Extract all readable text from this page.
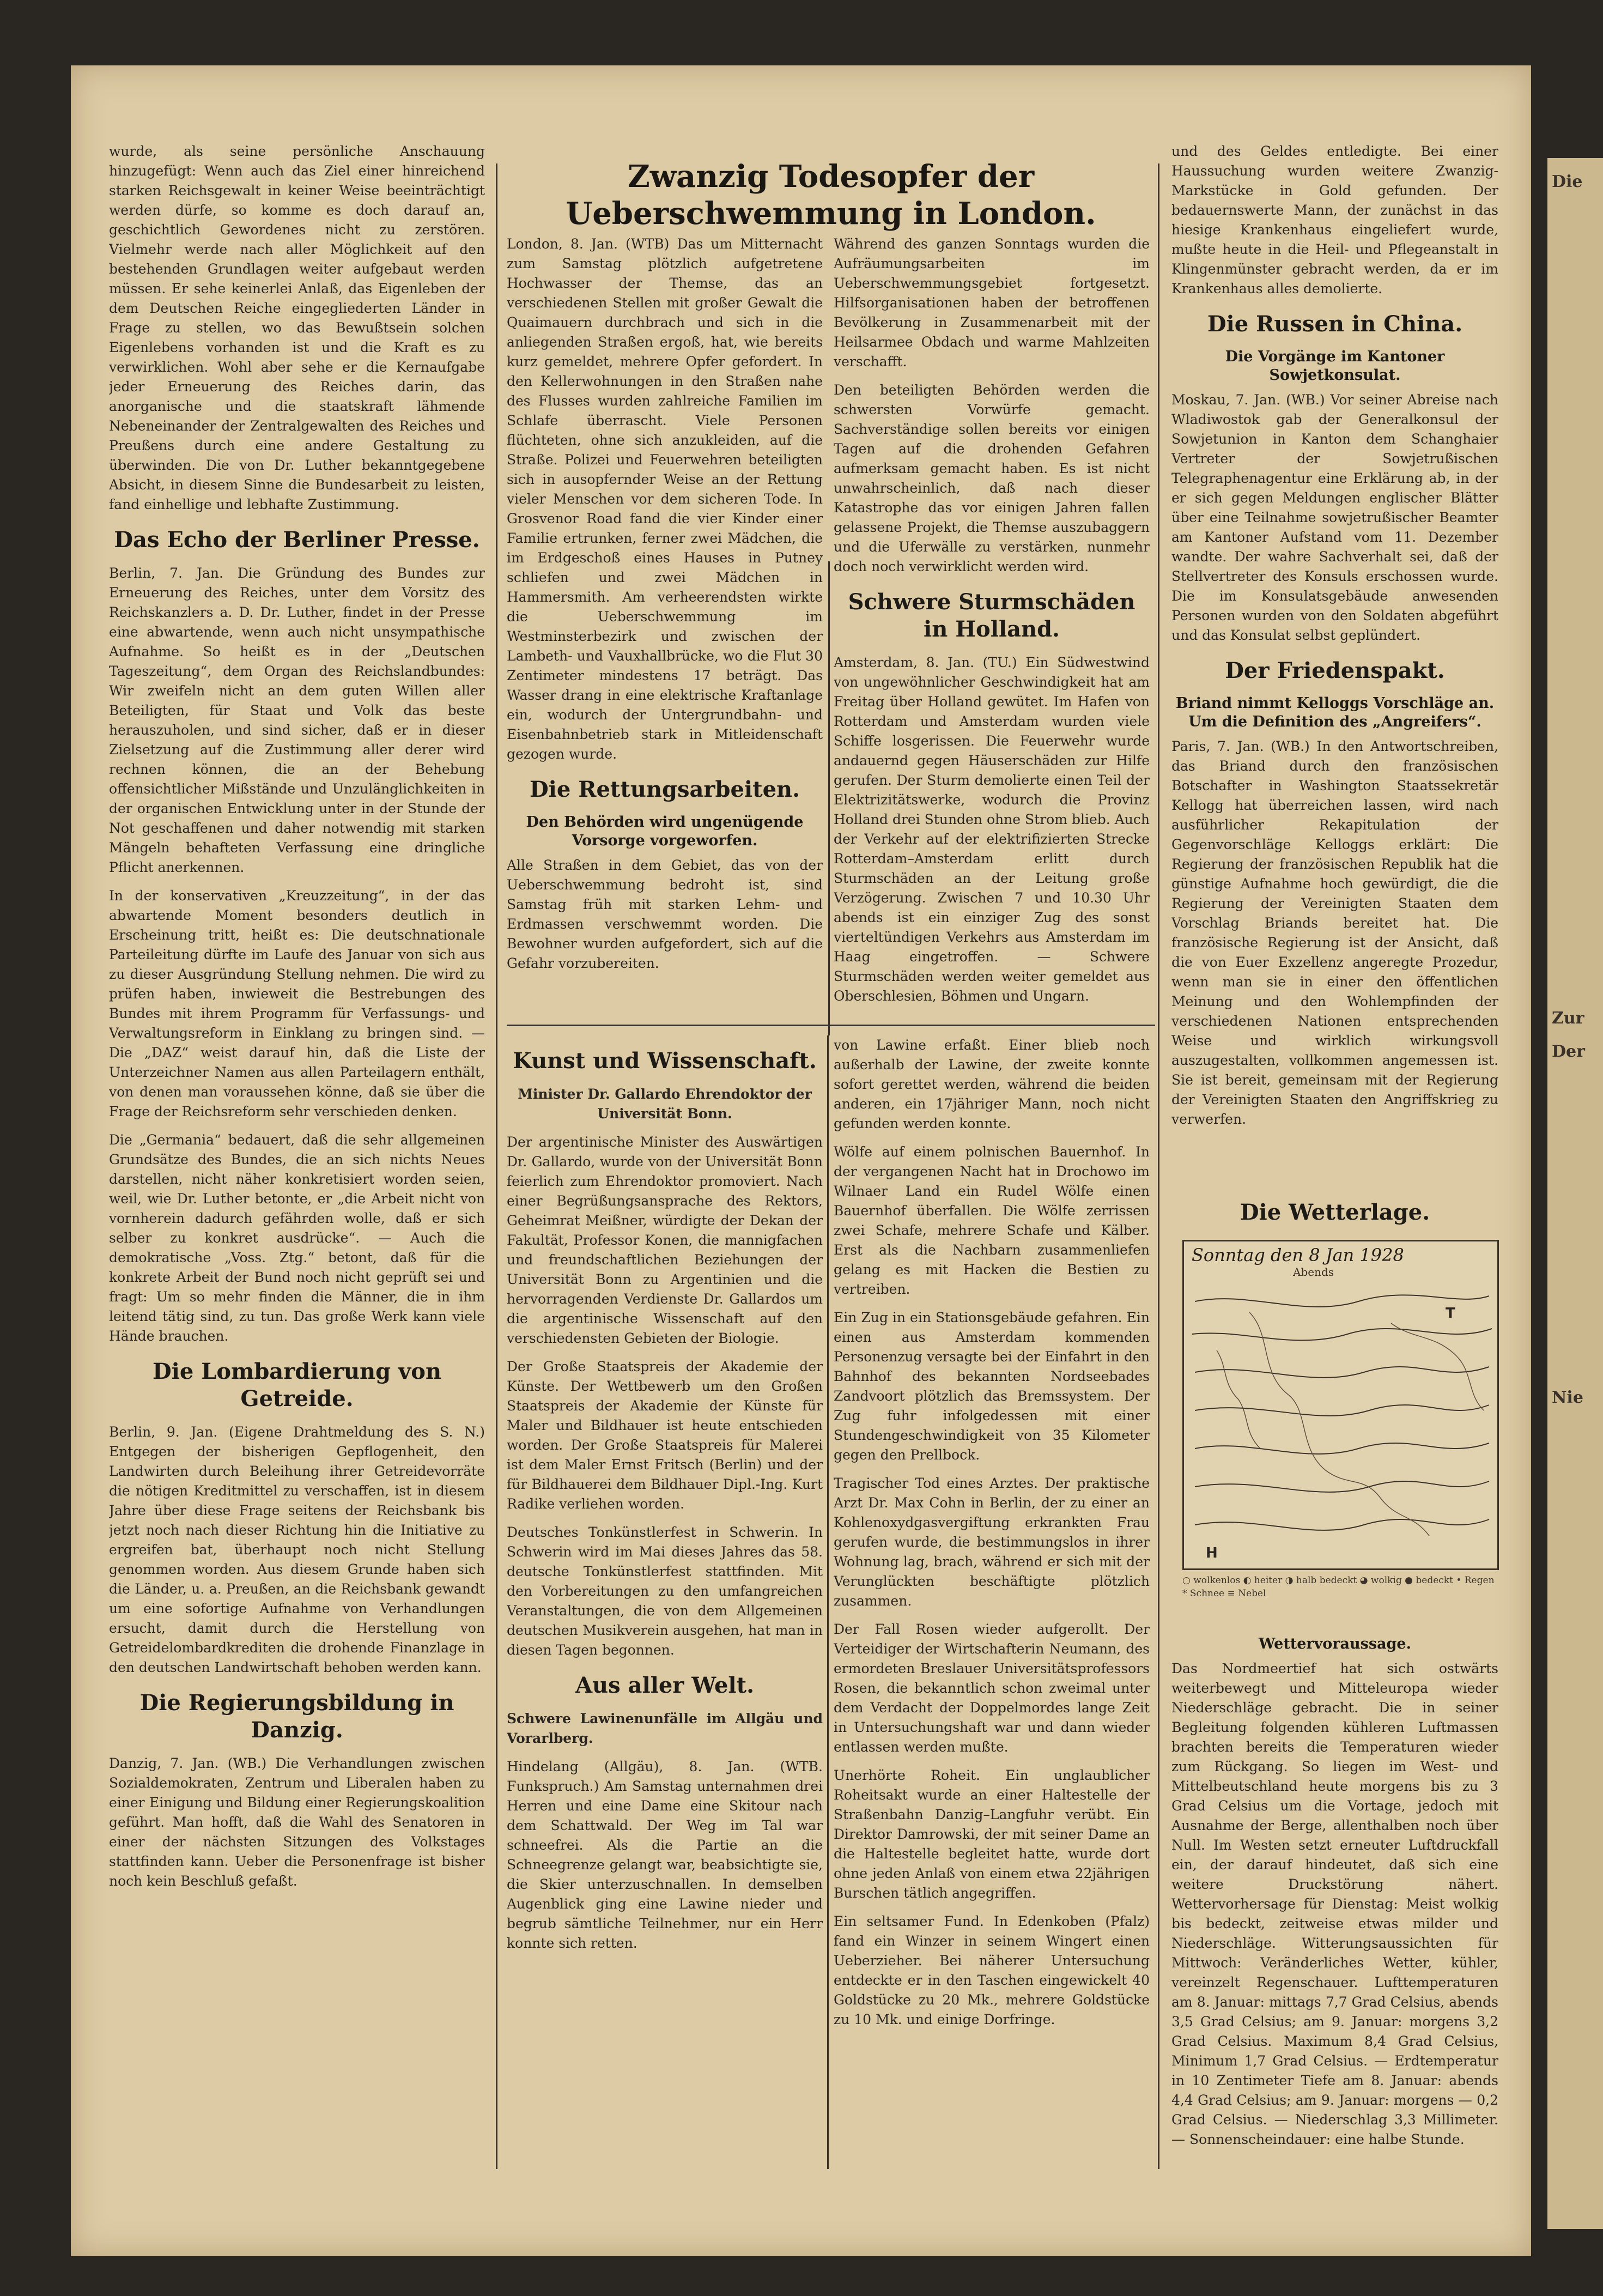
Die
Zur
Der
Nie

wurde, als seine persönliche Anschauung hinzugefügt: Wenn auch das Ziel einer hinreichend starken Reichsgewalt in keiner Weise beeinträchtigt werden dürfe, so komme es doch darauf an, geschichtlich Gewordenes nicht zu zerstören. Vielmehr werde nach aller Möglichkeit auf den bestehenden Grundlagen weiter aufgebaut werden müssen. Er sehe keinerlei Anlaß, das Eigenleben der dem Deutschen Reiche eingegliederten Länder in Frage zu stellen, wo das Bewußtsein solchen Eigenlebens vorhanden ist und die Kraft es zu verwirklichen. Wohl aber sehe er die Kernaufgabe jeder Erneuerung des Reiches darin, das anorganische und die staatskraft lähmende Nebeneinander der Zentralgewalten des Reiches und Preußens durch eine andere Gestaltung zu überwinden. Die von Dr. Luther bekanntgegebene Absicht, in diesem Sinne die Bundesarbeit zu leisten, fand einhellige und lebhafte Zustimmung.

Das Echo der Berliner Presse.

Berlin, 7. Jan. Die Gründung des Bundes zur Erneuerung des Reiches, unter dem Vorsitz des Reichskanzlers a. D. Dr. Luther, findet in der Presse eine abwartende, wenn auch nicht unsympathische Aufnahme. So heißt es in der „Deutschen Tageszeitung“, dem Organ des Reichslandbundes: Wir zweifeln nicht an dem guten Willen aller Beteiligten, für Staat und Volk das beste herauszuholen, und sind sicher, daß er in dieser Zielsetzung auf die Zustimmung aller derer wird rechnen können, die an der Behebung offensichtlicher Mißstände und Unzulänglichkeiten in der organischen Entwicklung unter in der Stunde der Not geschaffenen und daher notwendig mit starken Mängeln behafteten Verfassung eine dringliche Pflicht anerkennen.

In der konservativen „Kreuzzeitung“, in der das abwartende Moment besonders deutlich in Erscheinung tritt, heißt es: Die deutschnationale Parteileitung dürfte im Laufe des Januar von sich aus zu dieser Ausgründung Stellung nehmen. Die wird zu prüfen haben, inwieweit die Bestrebungen des Bundes mit ihrem Programm für Verfassungs- und Verwaltungsreform in Einklang zu bringen sind. — Die „DAZ“ weist darauf hin, daß die Liste der Unterzeichner Namen aus allen Parteilagern enthält, von denen man voraussehen könne, daß sie über die Frage der Reichsreform sehr verschieden denken.

Die „Germania“ bedauert, daß die sehr allgemeinen Grundsätze des Bundes, die an sich nichts Neues darstellen, nicht näher konkretisiert worden seien, weil, wie Dr. Luther betonte, er „die Arbeit nicht von vornherein dadurch gefährden wolle, daß er sich selber zu konkret ausdrücke“. — Auch die demokratische „Voss. Ztg.“ betont, daß für die konkrete Arbeit der Bund noch nicht geprüft sei und fragt: Um so mehr finden die Männer, die in ihm leitend tätig sind, zu tun. Das große Werk kann viele Hände brauchen.

Die Lombardierung von Getreide.

Berlin, 9. Jan. (Eigene Drahtmeldung des S. N.) Entgegen der bisherigen Gepflogenheit, den Landwirten durch Beleihung ihrer Getreidevorräte die nötigen Kreditmittel zu verschaffen, ist in diesem Jahre über diese Frage seitens der Reichsbank bis jetzt noch nach dieser Richtung hin die Initiative zu ergreifen bat, überhaupt noch nicht Stellung genommen worden. Aus diesem Grunde haben sich die Länder, u. a. Preußen, an die Reichsbank gewandt um eine sofortige Aufnahme von Verhandlungen ersucht, damit durch die Herstellung von Getreidelombardkrediten die drohende Finanzlage in den deutschen Landwirtschaft behoben werden kann.

Die Regierungsbildung in Danzig.

Danzig, 7. Jan. (WB.) Die Verhandlungen zwischen Sozialdemokraten, Zentrum und Liberalen haben zu einer Einigung und Bildung einer Regierungskoalition geführt. Man hofft, daß die Wahl des Senatoren in einer der nächsten Sitzungen des Volkstages stattfinden kann. Ueber die Personenfrage ist bisher noch kein Beschluß gefaßt.

Zwanzig Todesopfer der Ueberschwemmung in London.

London, 8. Jan. (WTB) Das um Mitternacht zum Samstag plötzlich aufgetretene Hochwasser der Themse, das an verschiedenen Stellen mit großer Gewalt die Quaimauern durchbrach und sich in die anliegenden Straßen ergoß, hat, wie bereits kurz gemeldet, mehrere Opfer gefordert. In den Kellerwohnungen in den Straßen nahe des Flusses wurden zahlreiche Familien im Schlafe überrascht. Viele Personen flüchteten, ohne sich anzukleiden, auf die Straße. Polizei und Feuerwehren beteiligten sich in ausopfernder Weise an der Rettung vieler Menschen vor dem sicheren Tode. In Grosvenor Road fand die vier Kinder einer Familie ertrunken, ferner zwei Mädchen, die im Erdgeschoß eines Hauses in Putney schliefen und zwei Mädchen in Hammersmith. Am verheerendsten wirkte die Ueberschwemmung im Westminsterbezirk und zwischen der Lambeth- und Vauxhallbrücke, wo die Flut 30 Zentimeter mindestens 17 beträgt. Das Wasser drang in eine elektrische Kraftanlage ein, wodurch der Untergrundbahn- und Eisenbahnbetrieb stark in Mitleidenschaft gezogen wurde.

Die Rettungsarbeiten.
Den Behörden wird ungenügende Vorsorge vorgeworfen.

Alle Straßen in dem Gebiet, das von der Ueberschwemmung bedroht ist, sind Samstag früh mit starken Lehm- und Erdmassen verschwemmt worden. Die Bewohner wurden aufgefordert, sich auf die Gefahr vorzubereiten.

Während des ganzen Sonntags wurden die Aufräumungsarbeiten im Ueberschwemmungsgebiet fortgesetzt. Hilfsorganisationen haben der betroffenen Bevölkerung in Zusammenarbeit mit der Heilsarmee Obdach und warme Mahlzeiten verschafft.

Den beteiligten Behörden werden die schwersten Vorwürfe gemacht. Sachverständige sollen bereits vor einigen Tagen auf die drohenden Gefahren aufmerksam gemacht haben. Es ist nicht unwahrscheinlich, daß nach dieser Katastrophe das vor einigen Jahren fallen gelassene Projekt, die Themse auszubaggern und die Uferwälle zu verstärken, nunmehr doch noch verwirklicht werden wird.

Schwere Sturmschäden in Holland.

Amsterdam, 8. Jan. (TU.) Ein Südwestwind von ungewöhnlicher Geschwindigkeit hat am Freitag über Holland gewütet. Im Hafen von Rotterdam und Amsterdam wurden viele Schiffe losgerissen. Die Feuerwehr wurde andauernd gegen Häuserschäden zur Hilfe gerufen. Der Sturm demolierte einen Teil der Elektrizitätswerke, wodurch die Provinz Holland drei Stunden ohne Strom blieb. Auch der Verkehr auf der elektrifizierten Strecke Rotterdam–Amsterdam erlitt durch Sturmschäden an der Leitung große Verzögerung. Zwischen 7 und 10.30 Uhr abends ist ein einziger Zug des sonst vierteltündigen Verkehrs aus Amsterdam im Haag eingetroffen. — Schwere Sturmschäden werden weiter gemeldet aus Oberschlesien, Böhmen und Ungarn.

Kunst und Wissenschaft.

Minister Dr. Gallardo Ehrendoktor der Universität Bonn.

Der argentinische Minister des Auswärtigen Dr. Gallardo, wurde von der Universität Bonn feierlich zum Ehrendoktor promoviert. Nach einer Begrüßungsansprache des Rektors, Geheimrat Meißner, würdigte der Dekan der Fakultät, Professor Konen, die mannigfachen und freundschaftlichen Beziehungen der Universität Bonn zu Argentinien und die hervorragenden Verdienste Dr. Gallardos um die argentinische Wissenschaft auf den verschiedensten Gebieten der Biologie.

Der Große Staatspreis der Akademie der Künste. Der Wettbewerb um den Großen Staatspreis der Akademie der Künste für Maler und Bildhauer ist heute entschieden worden. Der Große Staatspreis für Malerei ist dem Maler Ernst Fritsch (Berlin) und der für Bildhauerei dem Bildhauer Dipl.-Ing. Kurt Radike verliehen worden.

Deutsches Tonkünstlerfest in Schwerin. In Schwerin wird im Mai dieses Jahres das 58. deutsche Tonkünstlerfest stattfinden. Mit den Vorbereitungen zu den umfangreichen Veranstaltungen, die von dem Allgemeinen deutschen Musikverein ausgehen, hat man in diesen Tagen begonnen.

Aus aller Welt.

Schwere Lawinenunfälle im Allgäu und Vorarlberg.

Hindelang (Allgäu), 8. Jan. (WTB. Funkspruch.) Am Samstag unternahmen drei Herren und eine Dame eine Skitour nach dem Schattwald. Der Weg im Tal war schneefrei. Als die Partie an die Schneegrenze gelangt war, beabsichtigte sie, die Skier unterzuschnallen. In demselben Augenblick ging eine Lawine nieder und begrub sämtliche Teilnehmer, nur ein Herr konnte sich retten.

von Lawine erfaßt. Einer blieb noch außerhalb der Lawine, der zweite konnte sofort gerettet werden, während die beiden anderen, ein 17jähriger Mann, noch nicht gefunden werden konnte.

Wölfe auf einem polnischen Bauernhof. In der vergangenen Nacht hat in Drochowo im Wilnaer Land ein Rudel Wölfe einen Bauernhof überfallen. Die Wölfe zerrissen zwei Schafe, mehrere Schafe und Kälber. Erst als die Nachbarn zusammenliefen gelang es mit Hacken die Bestien zu vertreiben.

Ein Zug in ein Stationsgebäude gefahren. Ein einen aus Amsterdam kommenden Personenzug versagte bei der Einfahrt in den Bahnhof des bekannten Nordseebades Zandvoort plötzlich das Bremssystem. Der Zug fuhr infolgedessen mit einer Stundengeschwindigkeit von 35 Kilometer gegen den Prellbock.

Tragischer Tod eines Arztes. Der praktische Arzt Dr. Max Cohn in Berlin, der zu einer an Kohlenoxydgasvergiftung erkrankten Frau gerufen wurde, die bestimmungslos in ihrer Wohnung lag, brach, während er sich mit der Verunglückten beschäftigte plötzlich zusammen.

Der Fall Rosen wieder aufgerollt. Der Verteidiger der Wirtschafterin Neumann, des ermordeten Breslauer Universitätsprofessors Rosen, die bekanntlich schon zweimal unter dem Verdacht der Doppelmordes lange Zeit in Untersuchungshaft war und dann wieder entlassen werden mußte.

Unerhörte Roheit. Ein unglaublicher Roheitsakt wurde an einer Haltestelle der Straßenbahn Danzig–Langfuhr verübt. Ein Direktor Damrowski, der mit seiner Dame an die Haltestelle begleitet hatte, wurde dort ohne jeden Anlaß von einem etwa 22jährigen Burschen tätlich angegriffen.

Ein seltsamer Fund. In Edenkoben (Pfalz) fand ein Winzer in seinem Wingert einen Ueberzieher. Bei näherer Untersuchung entdeckte er in den Taschen eingewickelt 40 Goldstücke zu 20 Mk., mehrere Goldstücke zu 10 Mk. und einige Dorfringe.

und des Geldes entledigte. Bei einer Haussuchung wurden weitere Zwanzig-Markstücke in Gold gefunden. Der bedauernswerte Mann, der zunächst in das hiesige Krankenhaus eingeliefert wurde, mußte heute in die Heil- und Pflegeanstalt in Klingenmünster gebracht werden, da er im Krankenhaus alles demolierte.

Die Russen in China.
Die Vorgänge im Kantoner Sowjetkonsulat.

Moskau, 7. Jan. (WB.) Vor seiner Abreise nach Wladiwostok gab der Generalkonsul der Sowjetunion in Kanton dem Schanghaier Vertreter der Sowjetrußischen Telegraphenagentur eine Erklärung ab, in der er sich gegen Meldungen englischer Blätter über eine Teilnahme sowjetrußischer Beamter am Kantoner Aufstand vom 11. Dezember wandte. Der wahre Sachverhalt sei, daß der Stellvertreter des Konsuls erschossen wurde. Die im Konsulatsgebäude anwesenden Personen wurden von den Soldaten abgeführt und das Konsulat selbst geplündert.

Der Friedenspakt.
Briand nimmt Kelloggs Vorschläge an. Um die Definition des „Angreifers“.

Paris, 7. Jan. (WB.) In den Antwortschreiben, das Briand durch den französischen Botschafter in Washington Staatssekretär Kellogg hat überreichen lassen, wird nach ausführlicher Rekapitulation der Gegenvorschläge Kelloggs erklärt: Die Regierung der französischen Republik hat die günstige Aufnahme hoch gewürdigt, die die Regierung der Vereinigten Staaten dem Vorschlag Briands bereitet hat. Die französische Regierung ist der Ansicht, daß die von Euer Exzellenz angeregte Prozedur, wenn man sie in einer den öffentlichen Meinung und den Wohlempfinden der verschiedenen Nationen entsprechenden Weise und wirklich wirkungsvoll auszugestalten, vollkommen angemessen ist. Sie ist bereit, gemeinsam mit der Regierung der Vereinigten Staaten den Angriffskrieg zu verwerfen.

Die Wetterlage.
Sonntag den 8 Jan 1928
Abends
H
T
○ wolkenlos ◐ heiter ◑ halb bedeckt ◕ wolkig ● bedeckt • Regen * Schnee ≡ Nebel
Wettervoraussage.

Das Nordmeertief hat sich ostwärts weiterbewegt und Mitteleuropa wieder Niederschläge gebracht. Die in seiner Begleitung folgenden kühleren Luftmassen brachten bereits die Temperaturen wieder zum Rückgang. So liegen im West- und Mittelbeutschland heute morgens bis zu 3 Grad Celsius um die Vortage, jedoch mit Ausnahme der Berge, allenthalben noch über Null. Im Westen setzt erneuter Luftdruckfall ein, der darauf hindeutet, daß sich eine weitere Druckstörung nähert. Wettervorhersage für Dienstag: Meist wolkig bis bedeckt, zeitweise etwas milder und Niederschläge. Witterungsaussichten für Mittwoch: Veränderliches Wetter, kühler, vereinzelt Regenschauer. Lufttemperaturen am 8. Januar: mittags 7,7 Grad Celsius, abends 3,5 Grad Celsius; am 9. Januar: morgens 3,2 Grad Celsius. Maximum 8,4 Grad Celsius, Minimum 1,7 Grad Celsius. — Erdtemperatur in 10 Zentimeter Tiefe am 8. Januar: abends 4,4 Grad Celsius; am 9. Januar: morgens — 0,2 Grad Celsius. — Niederschlag 3,3 Millimeter. — Sonnenscheindauer: eine halbe Stunde.
